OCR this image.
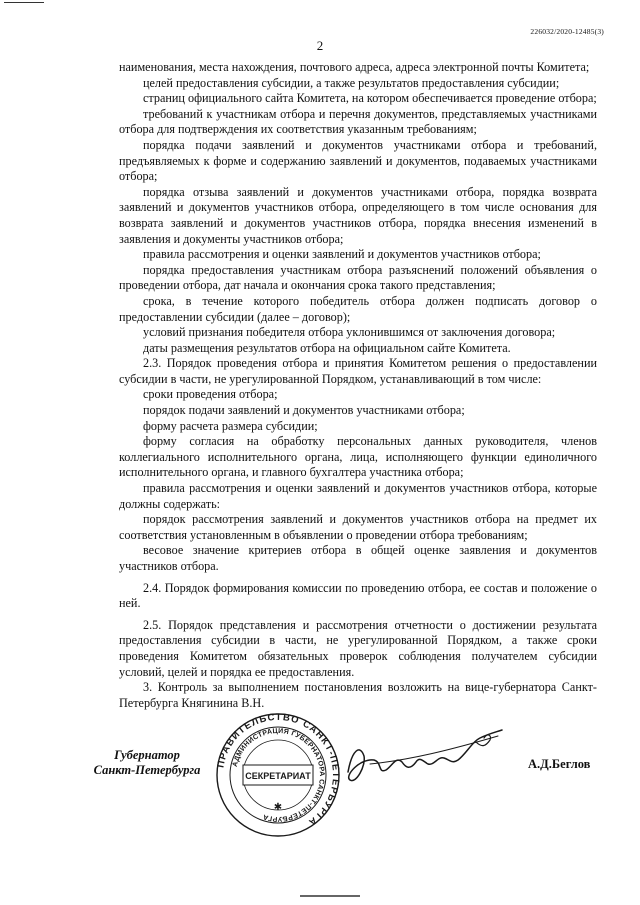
226032/2020-12485(3)
2

наименования, места нахождения, почтового адреса, адреса электронной почты Комитета;

целей предоставления субсидии, а также результатов предоставления субсидии;

страниц официального сайта Комитета, на котором обеспечивается проведение отбора;

требований к участникам отбора и перечня документов, представляемых участниками отбора для подтверждения их соответствия указанным требованиям;

порядка подачи заявлений и документов участниками отбора и требований, предъявляемых к форме и содержанию заявлений и документов, подаваемых участниками отбора;

порядка отзыва заявлений и документов участниками отбора, порядка возврата заявлений и документов участников отбора, определяющего в том числе основания для возврата заявлений и документов участников отбора, порядка внесения изменений в заявления и документы участников отбора;

правила рассмотрения и оценки заявлений и документов участников отбора;

порядка предоставления участникам отбора разъяснений положений объявления о проведении отбора, дат начала и окончания срока такого представления;

срока, в течение которого победитель отбора должен подписать договор о предоставлении субсидии (далее – договор);

условий признания победителя отбора уклонившимся от заключения договора;

даты размещения результатов отбора на официальном сайте Комитета.

2.3. Порядок проведения отбора и принятия Комитетом решения о предоставлении субсидии в части, не урегулированной Порядком, устанавливающий в том числе:

сроки проведения отбора;

порядок подачи заявлений и документов участниками отбора;

форму расчета размера субсидии;

форму согласия на обработку персональных данных руководителя, членов коллегиального исполнительного органа, лица, исполняющего функции единоличного исполнительного органа, и главного бухгалтера участника отбора;

правила рассмотрения и оценки заявлений и документов участников отбора, которые должны содержать:

порядок рассмотрения заявлений и документов участников отбора на предмет их соответствия установленным в объявлении о проведении отбора требованиям;

весовое значение критериев отбора в общей оценке заявления и документов участников отбора.

2.4. Порядок формирования комиссии по проведению отбора, ее состав и положение о ней.

2.5. Порядок представления и рассмотрения отчетности о достижении результата предоставления субсидии в части, не урегулированной Порядком, а также сроки проведения Комитетом обязательных проверок соблюдения получателем субсидии условий, целей и порядка ее предоставления.

3. Контроль за выполнением постановления возложить на вице-губернатора Санкт-Петербурга Княгинина В.Н.

Губернатор
Санкт-Петербурга ПРАВИТЕЛЬСТВО САНКТ-ПЕТЕРБУРГА
АДМИНИСТРАЦИЯ ГУБЕРНАТОРА САНКТ-ПЕТЕРБУРГА
СЕКРЕТАРИАТ
✱
А.Д.Беглов
